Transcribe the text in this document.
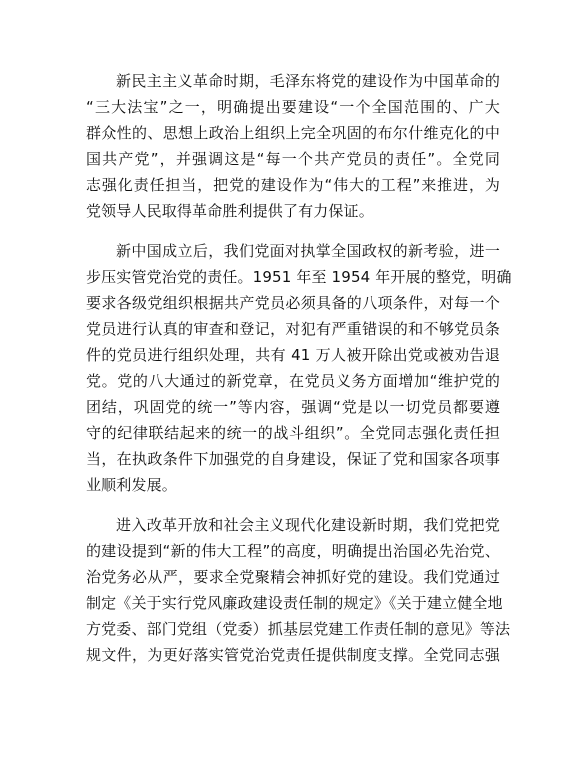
新民主主义革命时期，毛泽东将党的建设作为中国革命的
“三大法宝”之一，明确提出要建设“一个全国范围的、广大
群众性的、思想上政治上组织上完全巩固的布尔什维克化的中
国共产党”，并强调这是“每一个共产党员的责任”。全党同
志强化责任担当，把党的建设作为“伟大的工程”来推进，为
党领导人民取得革命胜利提供了有力保证。
新中国成立后，我们党面对执掌全国政权的新考验，进一
步压实管党治党的责任。1951 年至 1954 年开展的整党，明确
要求各级党组织根据共产党员必须具备的八项条件，对每一个
党员进行认真的审查和登记，对犯有严重错误的和不够党员条
件的党员进行组织处理，共有 41 万人被开除出党或被劝告退
党。党的八大通过的新党章，在党员义务方面增加“维护党的
团结，巩固党的统一”等内容，强调“党是以一切党员都要遵
守的纪律联结起来的统一的战斗组织”。全党同志强化责任担
当，在执政条件下加强党的自身建设，保证了党和国家各项事
业顺利发展。
进入改革开放和社会主义现代化建设新时期，我们党把党
的建设提到“新的伟大工程”的高度，明确提出治国必先治党、
治党务必从严，要求全党聚精会神抓好党的建设。我们党通过
制定《关于实行党风廉政建设责任制的规定》《关于建立健全地
方党委、部门党组（党委）抓基层党建工作责任制的意见》等法
规文件，为更好落实管党治党责任提供制度支撑。全党同志强
